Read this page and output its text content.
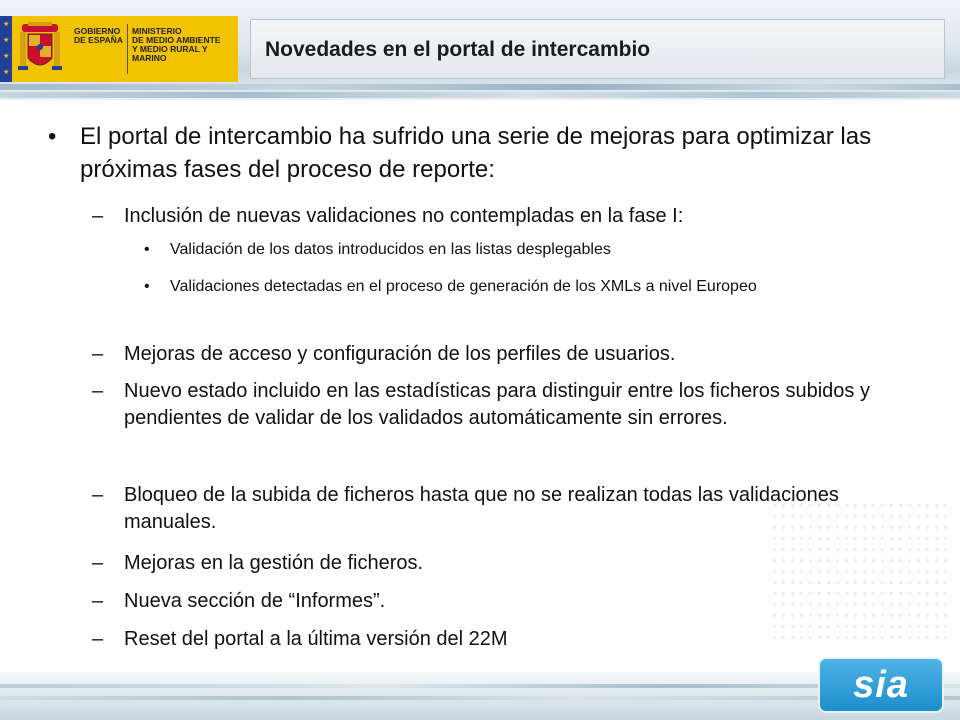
★
★
★
★
GOBIERNO
DE ESPAÑA
MINISTERIO
DE MEDIO AMBIENTE
Y MEDIO RURAL Y MARINO	Novedades en el portal de intercambio
• El portal de intercambio ha sufrido una serie de mejoras para optimizar las próximas fases del proceso de reporte:
– Inclusión de nuevas validaciones no contempladas en la fase I:
• Validación de los datos introducidos en las listas desplegables
• Validaciones detectadas en el proceso de generación de los XMLs a nivel Europeo
– Mejoras de acceso y configuración de los perfiles de usuarios.
– Nuevo estado incluido en las estadísticas para distinguir entre los ficheros subidos y pendientes de validar de los validados automáticamente sin errores.
– Bloqueo de la subida de ficheros hasta que no se realizan todas las validaciones manuales.
– Mejoras en la gestión de ficheros.
– Nueva sección de “Informes”.
– Reset del portal a la última versión del 22M
sia
